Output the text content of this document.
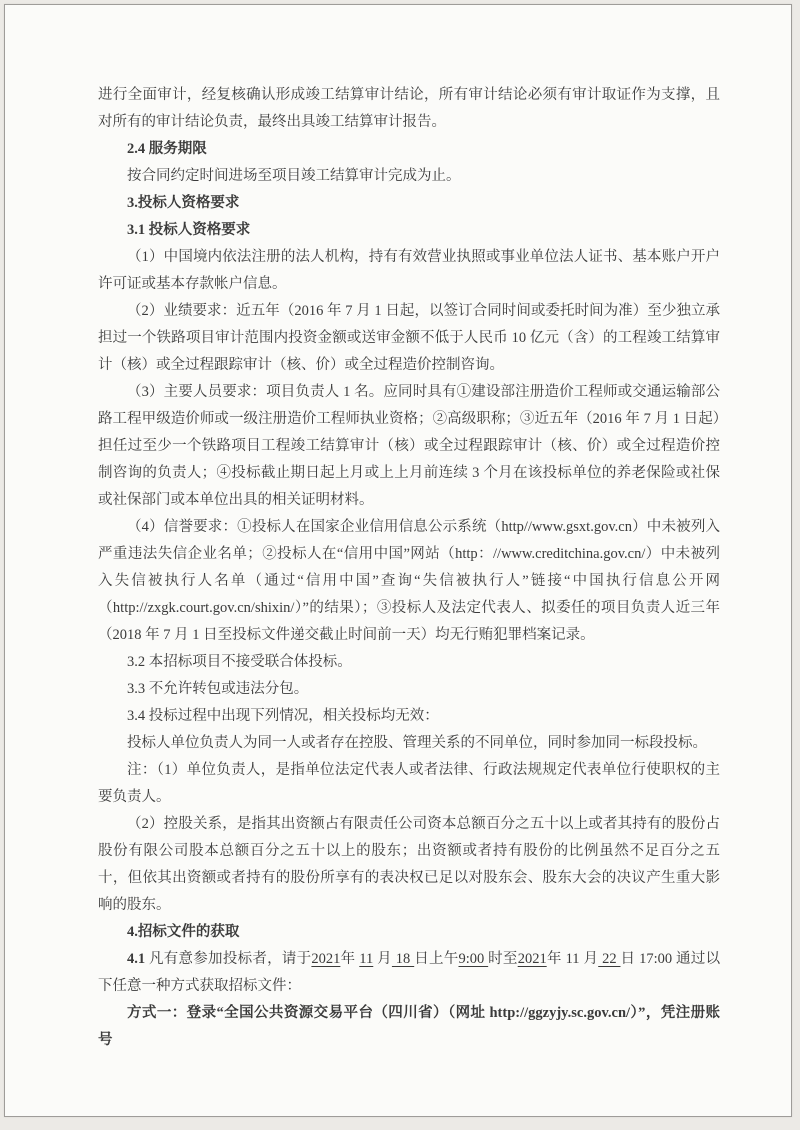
进行全面审计，经复核确认形成竣工结算审计结论，所有审计结论必须有审计取证作为支撑，且对所有的审计结论负责，最终出具竣工结算审计报告。

2.4 服务期限

按合同约定时间进场至项目竣工结算审计完成为止。

3.投标人资格要求

3.1 投标人资格要求

（1）中国境内依法注册的法人机构，持有有效营业执照或事业单位法人证书、基本账户开户许可证或基本存款帐户信息。

（2）业绩要求：近五年（2016 年 7 月 1 日起，以签订合同时间或委托时间为准）至少独立承担过一个铁路项目审计范围内投资金额或送审金额不低于人民币 10 亿元（含）的工程竣工结算审计（核）或全过程跟踪审计（核、价）或全过程造价控制咨询。

（3）主要人员要求：项目负责人 1 名。应同时具有①建设部注册造价工程师或交通运输部公路工程甲级造价师或一级注册造价工程师执业资格；②高级职称；③近五年（2016 年 7 月 1 日起）担任过至少一个铁路项目工程竣工结算审计（核）或全过程跟踪审计（核、价）或全过程造价控制咨询的负责人；④投标截止期日起上月或上上月前连续 3 个月在该投标单位的养老保险或社保或社保部门或本单位出具的相关证明材料。

（4）信誉要求：①投标人在国家企业信用信息公示系统（http//www.gsxt.gov.cn）中未被列入严重违法失信企业名单；②投标人在“信用中国”网站（http：//www.creditchina.gov.cn/）中未被列入失信被执行人名单（通过“信用中国”查询“失信被执行人”链接“中国执行信息公开网（http://zxgk.court.gov.cn/shixin/）”的结果）；③投标人及法定代表人、拟委任的项目负责人近三年（2018 年 7 月 1 日至投标文件递交截止时间前一天）均无行贿犯罪档案记录。

3.2 本招标项目不接受联合体投标。

3.3 不允许转包或违法分包。

3.4 投标过程中出现下列情况，相关投标均无效：

投标人单位负责人为同一人或者存在控股、管理关系的不同单位，同时参加同一标段投标。

注：（1）单位负责人，是指单位法定代表人或者法律、行政法规规定代表单位行使职权的主要负责人。

（2）控股关系，是指其出资额占有限责任公司资本总额百分之五十以上或者其持有的股份占股份有限公司股本总额百分之五十以上的股东；出资额或者持有股份的比例虽然不足百分之五十，但依其出资额或者持有的股份所享有的表决权已足以对股东会、股东大会的决议产生重大影响的股东。

4.招标文件的获取

4.1 凡有意参加投标者，请于2021年 11 月 18 日上午9:00 时至2021年 11 月 22 日 17:00 通过以下任意一种方式获取招标文件：

方式一：登录“全国公共资源交易平台（四川省）（网址 http://ggzyjy.sc.gov.cn/）”，凭注册账号
